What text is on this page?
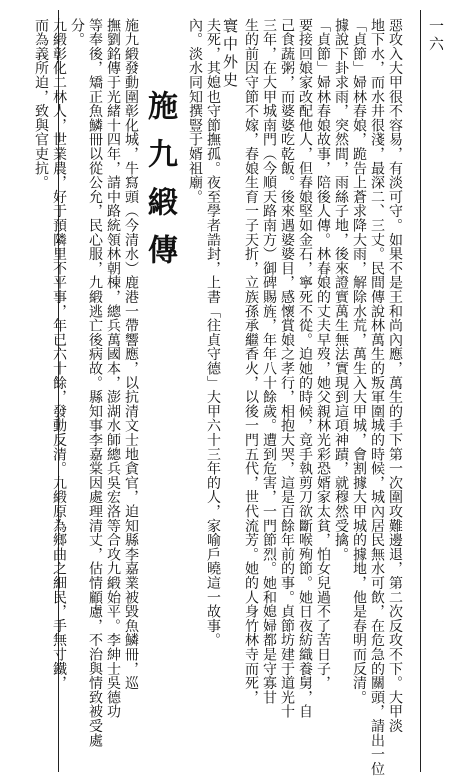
寰中外史	一六
惡攻入大甲很不容易，有淡可守。如果不是王和尚內應，萬生的手下第一次圍攻難邊退，第二次反攻不下。大甲淡
地下水，而水井很淺，最深二、三丈。民間傳說林萬生的叛軍圍城的時候，城內居民無水可飲，在危急的關頭，請出一位
「貞節」婦林春娘，跪告上蒼求降大雨，解除水荒，萬生入大甲城，會割據大甲城的據地，他是春明而反清。
據說下卦求雨，突然間，雨絲子地，後來證實萬生無法實現到這項神蹟，就穆然受擒。
「貞節」婦林春娘故事，陪後人傳。林春娘的丈夫早歿，她父親林光彩恐婿家太貧，怕女兒過不了苦日子，
要接回娘家改配他人，但春娘堅如金石，寧死不從。迫她的時候，竟手執剪刀欲斷喉殉節。她日夜紡織養舅，自
己食蔬粥，而婆婆吃乾飯。後來遇婆婆目，感懷賞娘之孝行，相抱大哭，這是百餘年前的事。貞節坊建于道光十
三年，在大甲城南門（今順天路南方）御碑賜旌，年年八十餘歲。遭到危害，一門節烈。她和媳婦都是守寡甘
生的前因守節不嫁，春娘生育一子天折，立族孫承繼香火，以後一門五代，世代流芳。她的人身竹林寺而死，
夫死，其媳也守節撫孤。夜至學者誥封，上書「往貞守德」大甲六十三年的人，家喻戶曉這一故事。
內。淡水同知撰豎于婿祖廟。
施九緞傳
施九緞發動圍彰化城，牛寫頭（今清水）鹿港一帶響應，以抗清文士地貪官，迫知縣李嘉業被毀魚鱗冊，巡
撫劉銘傳于光緒十四年，請中路統領林朝棟，總兵萬國本，澎湖水師總兵吳宏洛等合攻九緞始平。李紳士吳德功
等奉後，矯正魚鱗冊以從公允，民心服，九緞逃亡後病故。縣知事李嘉棠因處理清丈，估情顧慮，不治與情致被受處
分。
九緞彰化二林人，世業農，好于預隣里不平事，年已六十餘，發動反清。九緞原為鄉曲之細民，手無寸鐵，
而為義所迫，致與官吏抗。
